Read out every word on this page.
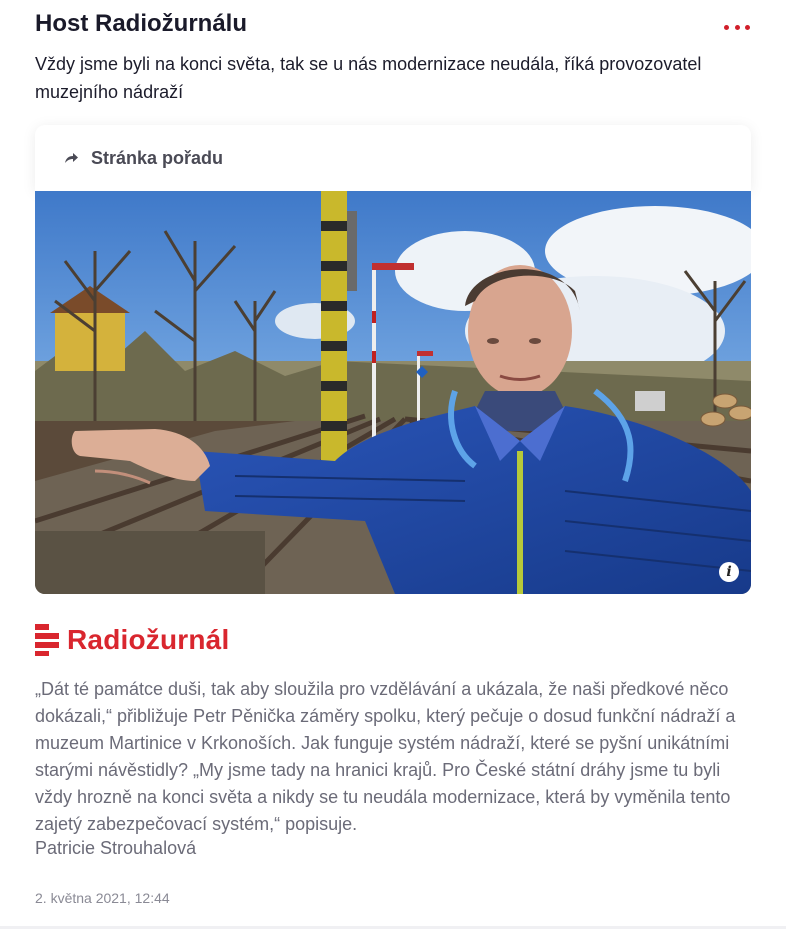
Host Radiožurnálu

Vždy jsme byli na konci světa, tak se u nás modernizace neudála, říká provozovatel muzejního nádraží

Stránka pořadu
i
Radiožurnál

„Dát té památce duši, tak aby sloužila pro vzdělávání a ukázala, že naši předkové něco dokázali,“ přibližuje Petr Pěnička záměry spolku, který pečuje o dosud funkční nádraží a muzeum Martinice v Krkonoších. Jak funguje systém nádraží, které se pyšní unikátními starými návěstidly? „My jsme tady na hranici krajů. Pro České státní dráhy jsme tu byli vždy hrozně na konci světa a nikdy se tu neudála modernizace, která by vyměnila tento zajetý zabezpečovací systém,“ popisuje.

Patricie Strouhalová
2. května 2021, 12:44
